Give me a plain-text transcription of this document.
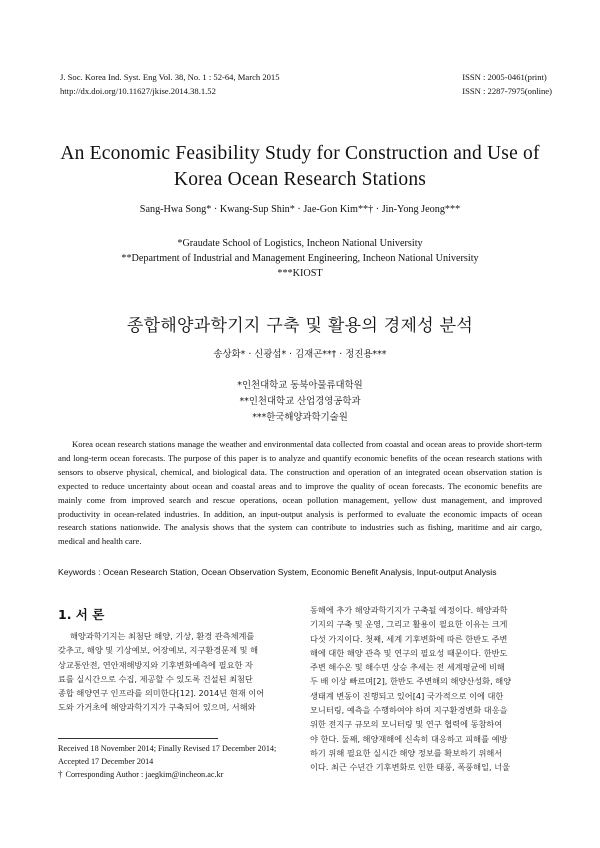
J. Soc. Korea Ind. Syst. Eng Vol. 38, No. 1 : 52-64, March 2015
http://dx.doi.org/10.11627/jkise.2014.38.1.52
ISSN : 2005-0461(print)
ISSN : 2287-7975(online)
An Economic Feasibility Study for Construction and Use of
Korea Ocean Research Stations
Sang-Hwa Song* · Kwang-Sup Shin* · Jae-Gon Kim**† · Jin-Yong Jeong***
*Graudate School of Logistics, Incheon National University
**Department of Industrial and Management Engineering, Incheon National University
***KIOST
종합해양과학기지 구축 및 활용의 경제성 분석
송상화* · 신광섭* · 김재곤**† · 정진용***
*인천대학교 동북아물류대학원
**인천대학교 산업경영공학과
***한국해양과학기술원
Korea ocean research stations manage the weather and environmental data collected from coastal and ocean areas to provide short-term and long-term ocean forecasts. The purpose of this paper is to analyze and quantify economic benefits of the ocean research stations with sensors to observe physical, chemical, and biological data. The construction and operation of an integrated ocean observation station is expected to reduce uncertainty about ocean and coastal areas and to improve the quality of ocean forecasts. The economic benefits are mainly come from improved search and rescue operations, ocean pollution management, yellow dust management, and improved productivity in ocean-related industries. In addition, an input-output analysis is performed to evaluate the economic impacts of ocean research stations nationwide. The analysis shows that the system can contribute to industries such as fishing, maritime and air cargo, medical and health care.
Keywords : Ocean Research Station, Ocean Observation System, Economic Benefit Analysis, Input-output Analysis
1. 서 론
해양과학기지는 최첨단 해양, 기상, 환경 관측체계를
갖추고, 해양 및 기상예보, 어장예보, 지구환경문제 및 해
상교통안전, 연안재해방지와 기후변화예측에 필요한 자
료를 실시간으로 수집, 제공할 수 있도록 건설된 최첨단
종합 해양연구 인프라를 의미한다[12]. 2014년 현재 이어
도와 가거초에 해양과학기지가 구축되어 있으며, 서해와
동해에 추가 해양과학기지가 구축될 예정이다. 해양과학
기지의 구축 및 운영, 그리고 활용이 필요한 이유는 크게
다섯 가지이다. 첫째, 세계 기후변화에 따른 한반도 주변
해에 대한 해양 관측 및 연구의 필요성 때문이다. 한반도
주변 해수온 및 해수면 상승 추세는 전 세계평균에 비해
두 배 이상 빠르며[2], 한반도 주변해의 해양산성화, 해양
생태계 변동이 진행되고 있어[4] 국가적으로 이에 대한
모니터링, 예측을 수행하여야 하며 지구환경변화 대응을
위한 전지구 규모의 모니터링 및 연구 협력에 동참하여
야 한다. 둘째, 해양재해에 신속히 대응하고 피해를 예방
하기 위해 필요한 실시간 해양 정보를 확보하기 위해서
이다. 최근 수년간 기후변화로 인한 태풍, 폭풍해일, 너울
Received 18 November 2014; Finally Revised 17 December 2014;
Accepted 17 December 2014
† Corresponding Author : jaegkim@incheon.ac.kr
